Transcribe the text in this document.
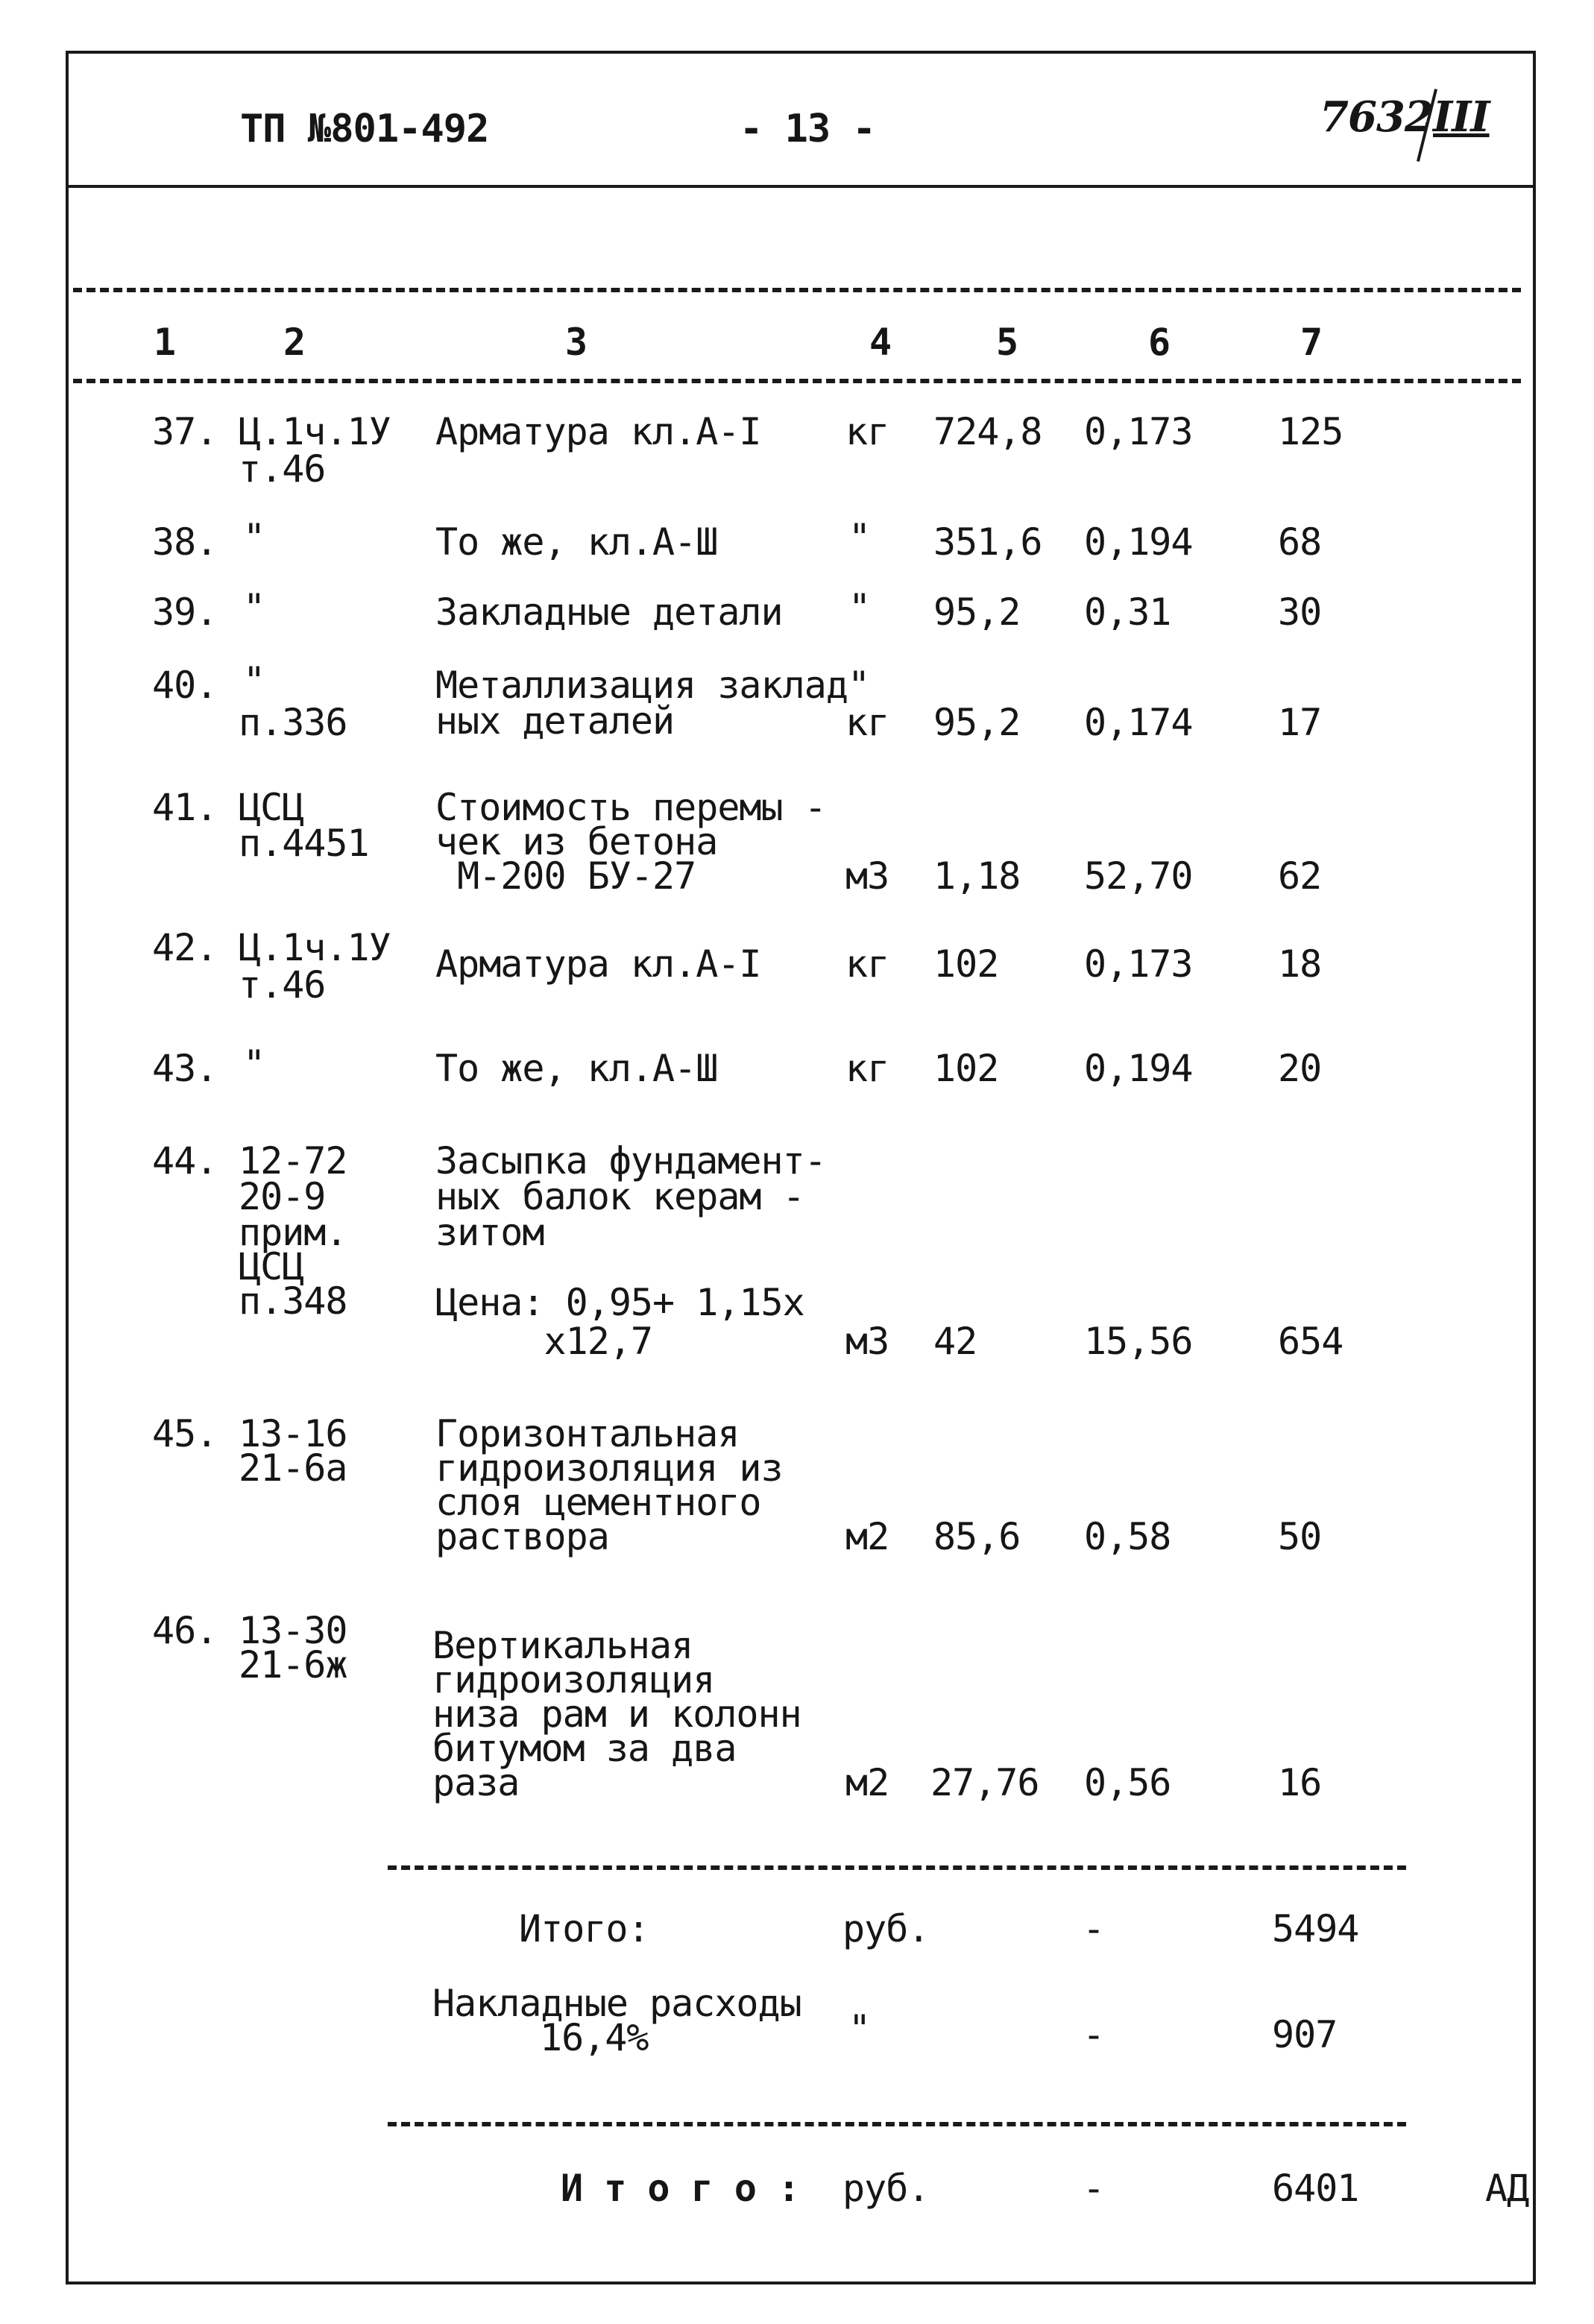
ТП №801-492	- 13 -	7632 III
1	2	3	4	5	6	7
37. Ц.1ч.1У
т.46
Арматура кл.А-I кг 724,8 0,173 125
38. "	То же, кл.А-Ш	" 351,6 0,194 68
39. "	Закладные детали " 95,2 0,31	30
40. "
п.336
Металлизация заклад"
ных деталей	кг 95,2 0,174 17
41. ЦСЦ
п.4451
Стоимость перемы -
чек из бетона
М-200 БУ-27	м3 1,18 52,70 62
42. Ц.1ч.1У
т.46	Арматура кл.А-I кг 102 0,173 18
43. "	То же, кл.А-Ш	кг 102 0,194 20
44. 12-72
20-9
прим.
ЦСЦ
п.348
Засыпка фундамент-
ных балок керам -
зитом
Цена: 0,95+ 1,15х
х12,7	м3 42	15,56 654
45. 13-16
21-6а
Горизонтальная
гидроизоляция из
слоя цементного
раствора	м2 85,6 0,58	50
46. 13-30
21-6ж Вертикальная
гидроизоляция
низа рам и колонн
битумом за два
раза	м2 27,76 0,56	16
Итого:	руб.	-	5494
Накладные расходы
16,4%	"	-	907
И т о г о : руб.	-	6401	АД
